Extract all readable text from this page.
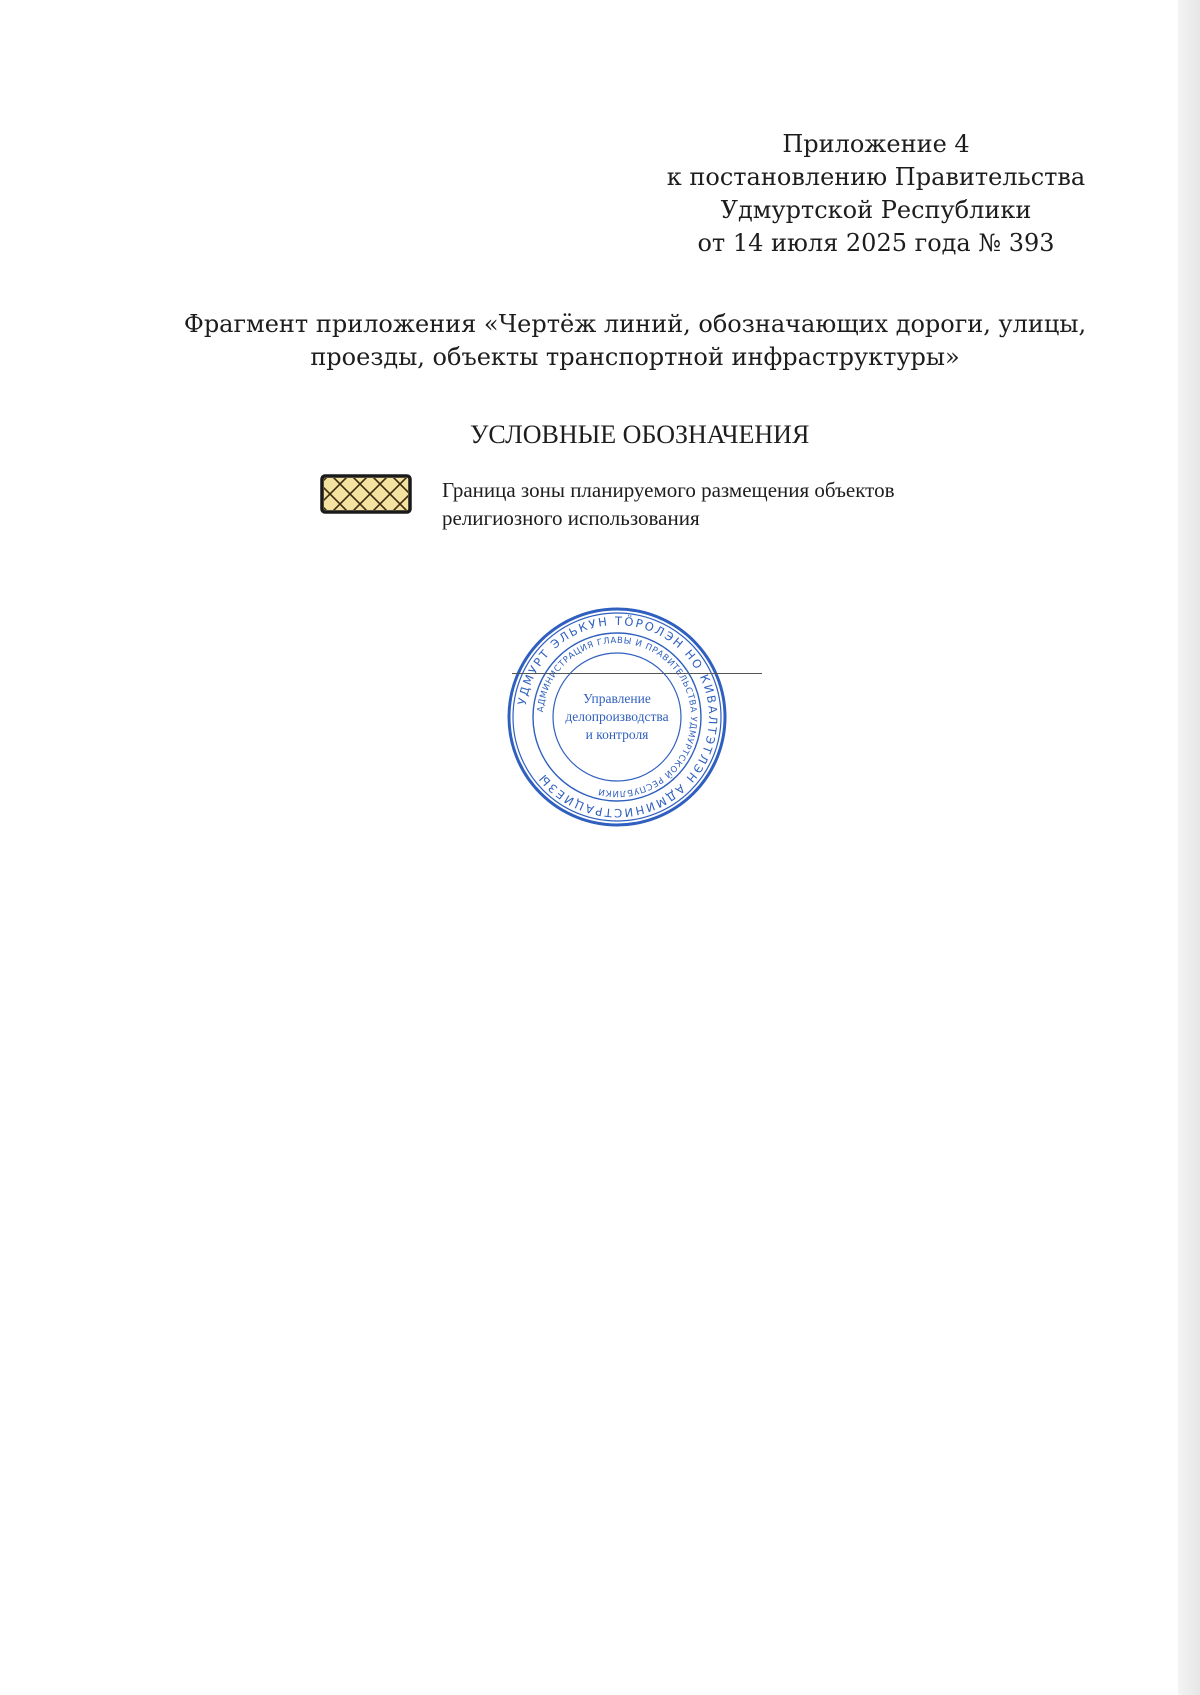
Приложение 4
к постановлению Правительства
Удмуртской Республики
от 14 июля 2025 года № 393
Фрагмент приложения «Чертёж линий, обозначающих дороги, улицы,
проезды, объекты транспортной инфраструктуры»
УСЛОВНЫЕ ОБОЗНАЧЕНИЯ
Граница зоны планируемого размещения объектов
религиозного использования
УДМУРТ ЭЛЬКУН ТӦРОЛЭН НО КИВАЛТЭТЛЭН АДМИНИСТРАЦИЕЗЫ
АДМИНИСТРАЦИЯ ГЛАВЫ И ПРАВИТЕЛЬСТВА УДМУРТСКОЙ РЕСПУБЛИКИ
Управление
делопроизводства
и контроля
